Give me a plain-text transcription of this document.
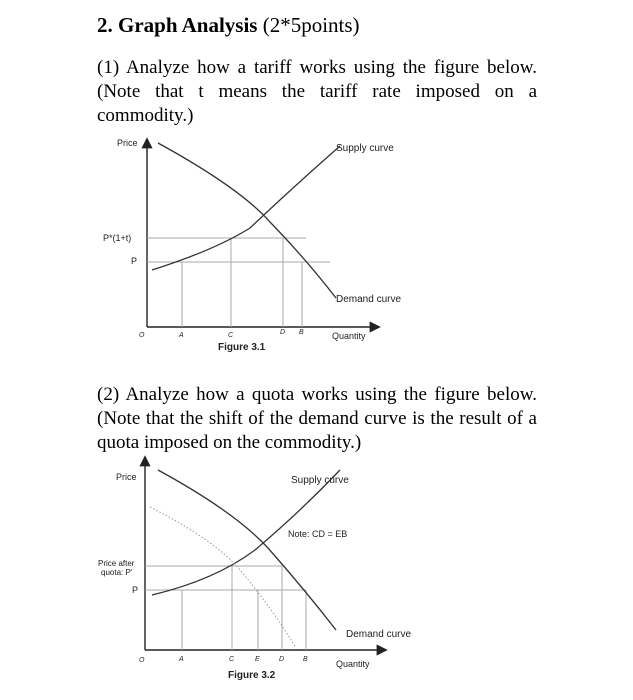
2. Graph Analysis (2*5points)
(1) Analyze how a tariff works using the figure below.
(Note that t means the tariff rate imposed on a
commodity.)
Price
P*(1+t)
P
Supply curve
Demand curve
Quantity
O	A	C	D B
Figure 3.1
(2) Analyze how a quota works using the figure below.
(Note that the shift of the demand curve is the result of a
quota imposed on the commodity.)
Price
Price after
quota: P'
P
Supply curve
Note: CD = EB
Demand curve
Quantity
O	A	C	E	D	B
Figure 3.2
